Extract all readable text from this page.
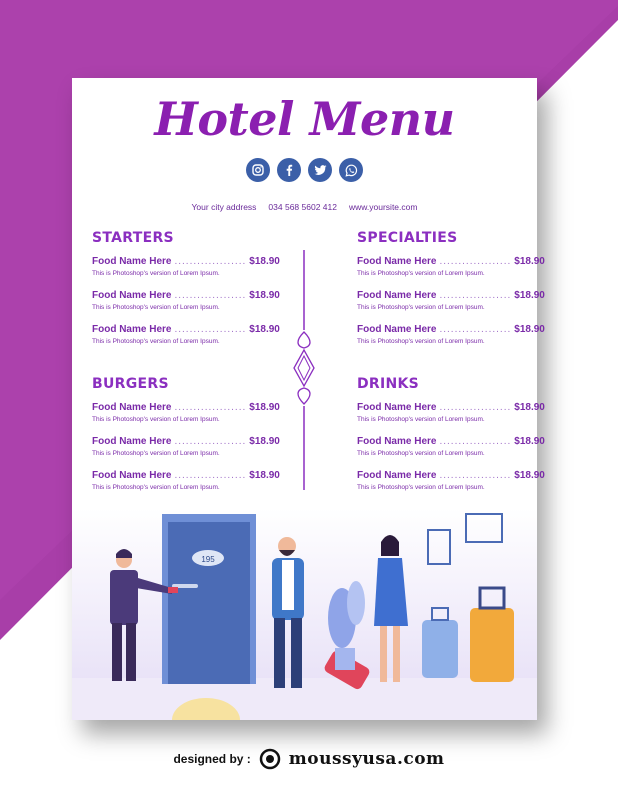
Hotel Menu
Your city address 034 568 5602 412 www.yoursite.com
STARTERS
Food Name Here ................... $18.90
This is Photoshop's version of Lorem Ipsum.
Food Name Here ................... $18.90
This is Photoshop's version of Lorem Ipsum.
Food Name Here ................... $18.90
This is Photoshop's version of Lorem Ipsum.
SPECIALTIES
Food Name Here ................... $18.90
This is Photoshop's version of Lorem Ipsum.
Food Name Here ................... $18.90
This is Photoshop's version of Lorem Ipsum.
Food Name Here ................... $18.90
This is Photoshop's version of Lorem Ipsum.
BURGERS
Food Name Here ................... $18.90
This is Photoshop's version of Lorem Ipsum.
Food Name Here ................... $18.90
This is Photoshop's version of Lorem Ipsum.
Food Name Here ................... $18.90
This is Photoshop's version of Lorem Ipsum.
DRINKS
Food Name Here ................... $18.90
This is Photoshop's version of Lorem Ipsum.
Food Name Here ................... $18.90
This is Photoshop's version of Lorem Ipsum.
Food Name Here ................... $18.90
This is Photoshop's version of Lorem Ipsum.
195
designed by : moussyusa.com
